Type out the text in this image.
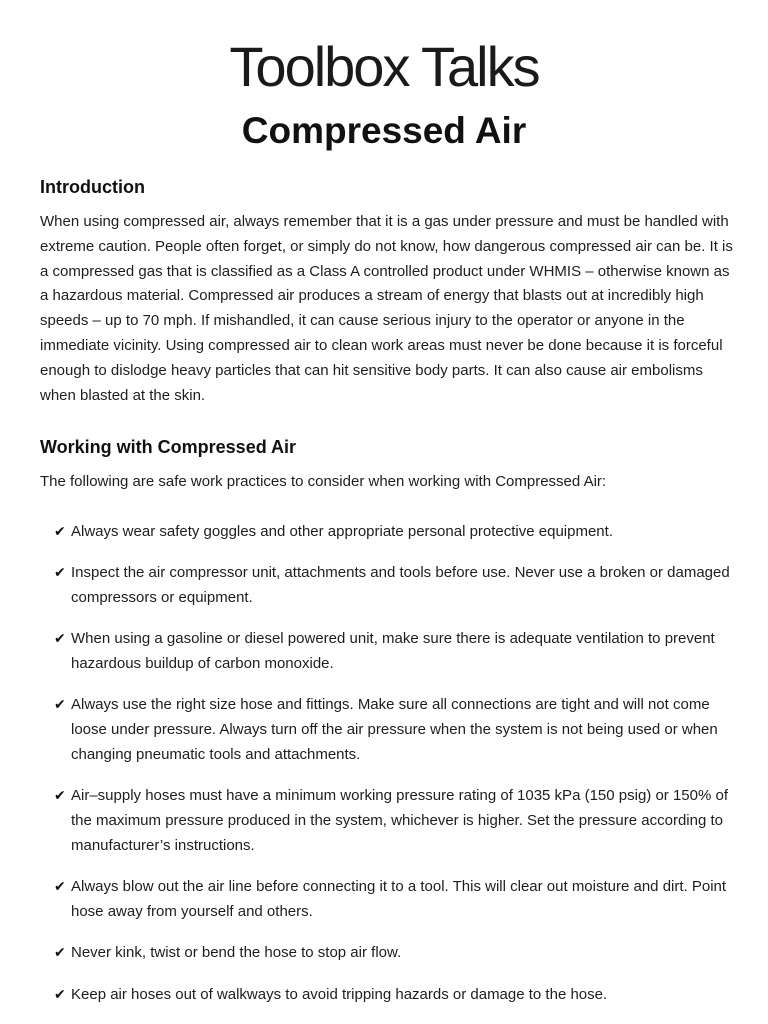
Toolbox Talks
Compressed Air
Introduction
When using compressed air, always remember that it is a gas under pressure and must be handled with extreme caution. People often forget, or simply do not know, how dangerous compressed air can be. It is a compressed gas that is classified as a Class A controlled product under WHMIS – otherwise known as a hazardous material. Compressed air produces a stream of energy that blasts out at incredibly high speeds – up to 70 mph. If mishandled, it can cause serious injury to the operator or anyone in the immediate vicinity. Using compressed air to clean work areas must never be done because it is forceful enough to dislodge heavy particles that can hit sensitive body parts. It can also cause air embolisms when blasted at the skin.
Working with Compressed Air
The following are safe work practices to consider when working with Compressed Air:
✔ Always wear safety goggles and other appropriate personal protective equipment.
✔ Inspect the air compressor unit, attachments and tools before use. Never use a broken or damaged compressors or equipment.
✔ When using a gasoline or diesel powered unit, make sure there is adequate ventilation to prevent hazardous buildup of carbon monoxide.
✔ Always use the right size hose and fittings. Make sure all connections are tight and will not come loose under pressure. Always turn off the air pressure when the system is not being used or when changing pneumatic tools and attachments.
✔ Air–supply hoses must have a minimum working pressure rating of 1035 kPa (150 psig) or 150% of the maximum pressure produced in the system, whichever is higher. Set the pressure according to manufacturer’s instructions.
✔ Always blow out the air line before connecting it to a tool. This will clear out moisture and dirt. Point hose away from yourself and others.
✔ Never kink, twist or bend the hose to stop air flow.
✔ Keep air hoses out of walkways to avoid tripping hazards or damage to the hose.
